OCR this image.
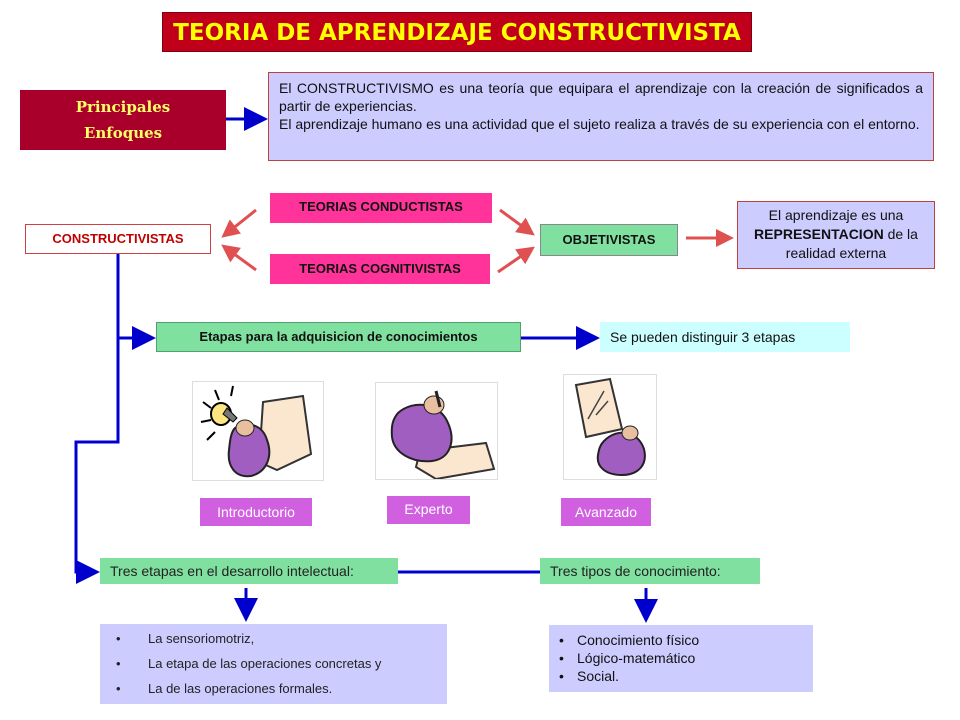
TEORIA DE APRENDIZAJE CONSTRUCTIVISTA
Principales
Enfoques

El CONSTRUCTIVISMO es una teoría que equipara el aprendizaje con la creación de significados a partir de experiencias.

El aprendizaje humano es una actividad que el sujeto realiza a través de su experiencia con el entorno.

TEORIAS CONDUCTISTAS
TEORIAS COGNITIVISTAS
CONSTRUCTIVISTAS	OBJETIVISTAS
El aprendizaje es una
REPRESENTACION de la realidad externa
Etapas para la adquisicion de conocimientos	Se pueden distinguir 3 etapas
Introductorio	Experto	Avanzado
Tres etapas en el desarrollo intelectual:	Tres tipos de conocimiento:
• La sensoriomotriz,
• La etapa de las operaciones concretas y
• La de las operaciones formales.
• Conocimiento físico
• Lógico-matemático
• Social.
